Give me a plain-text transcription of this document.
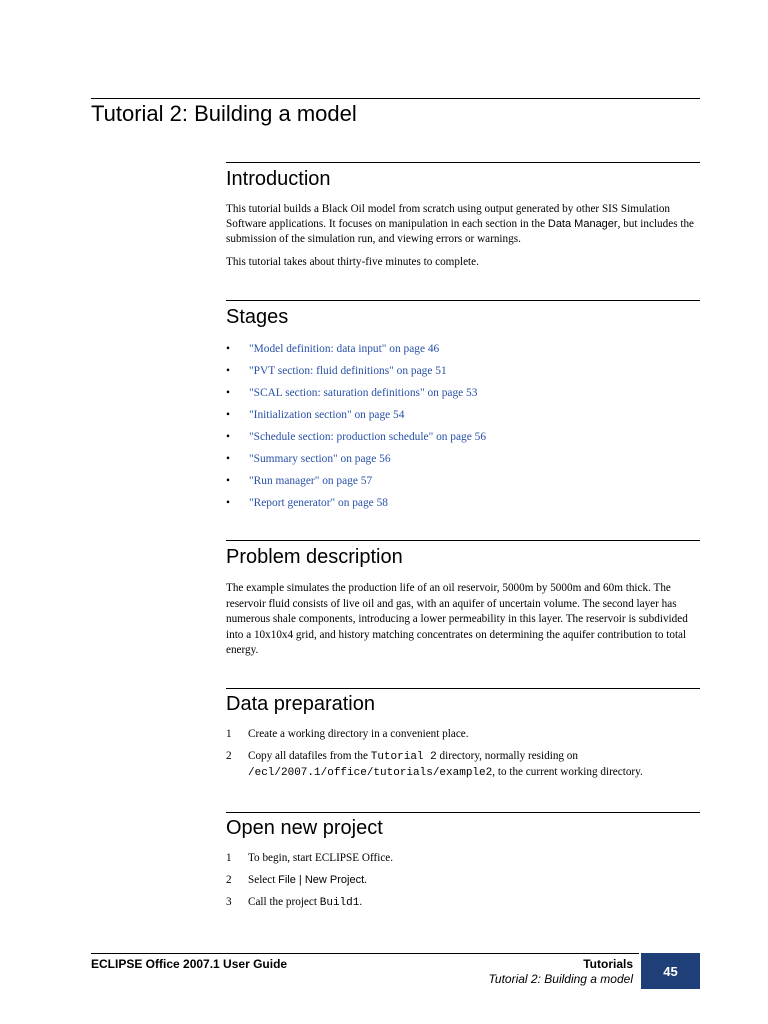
Tutorial 2: Building a model
Introduction

This tutorial builds a Black Oil model from scratch using output generated by other SIS Simulation Software applications. It focuses on manipulation in each section in the Data Manager, but includes the submission of the simulation run, and viewing errors or warnings.

This tutorial takes about thirty-five minutes to complete.

Stages
• "Model definition: data input" on page 46
• "PVT section: fluid definitions" on page 51
• "SCAL section: saturation definitions" on page 53
• "Initialization section" on page 54
• "Schedule section: production schedule" on page 56
• "Summary section" on page 56
• "Run manager" on page 57
• "Report generator" on page 58
Problem description

The example simulates the production life of an oil reservoir, 5000m by 5000m and 60m thick. The reservoir fluid consists of live oil and gas, with an aquifer of uncertain volume. The second layer has numerous shale components, introducing a lower permeability in this layer. The reservoir is subdivided into a 10x10x4 grid, and history matching concentrates on determining the aquifer contribution to total energy.

Data preparation
1 Create a working directory in a convenient place.
2 Copy all datafiles from the Tutorial 2 directory, normally residing on
/ecl/2007.1/office/tutorials/example2, to the current working directory.
Open new project
1 To begin, start ECLIPSE Office.
2 Select File | New Project.
3 Call the project Build1.
ECLIPSE Office 2007.1 User Guide	Tutorials
Tutorial 2: Building a model
45
